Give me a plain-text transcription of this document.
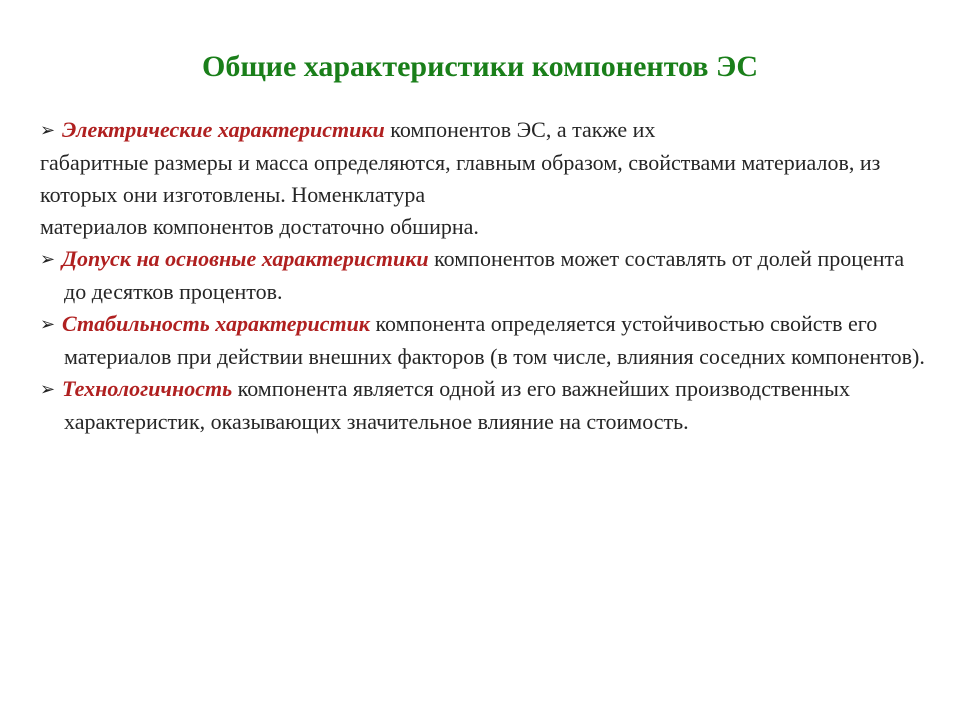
Общие характеристики компонентов ЭС

➢ Электрические характеристики компонентов ЭС, а также их

габаритные размеры и масса определяются, главным образом, свойствами материалов, из которых они изготовлены. Номенклатура

материалов компонентов достаточно обширна.

➢ Допуск на основные характеристики компонентов может составлять от долей процента до десятков процентов.

➢ Стабильность характеристик компонента определяется устойчивостью свойств его материалов при действии внешних факторов (в том числе, влияния соседних компонентов).

➢ Технологичность компонента является одной из его важнейших производственных характеристик, оказывающих значительное влияние на стоимость.
